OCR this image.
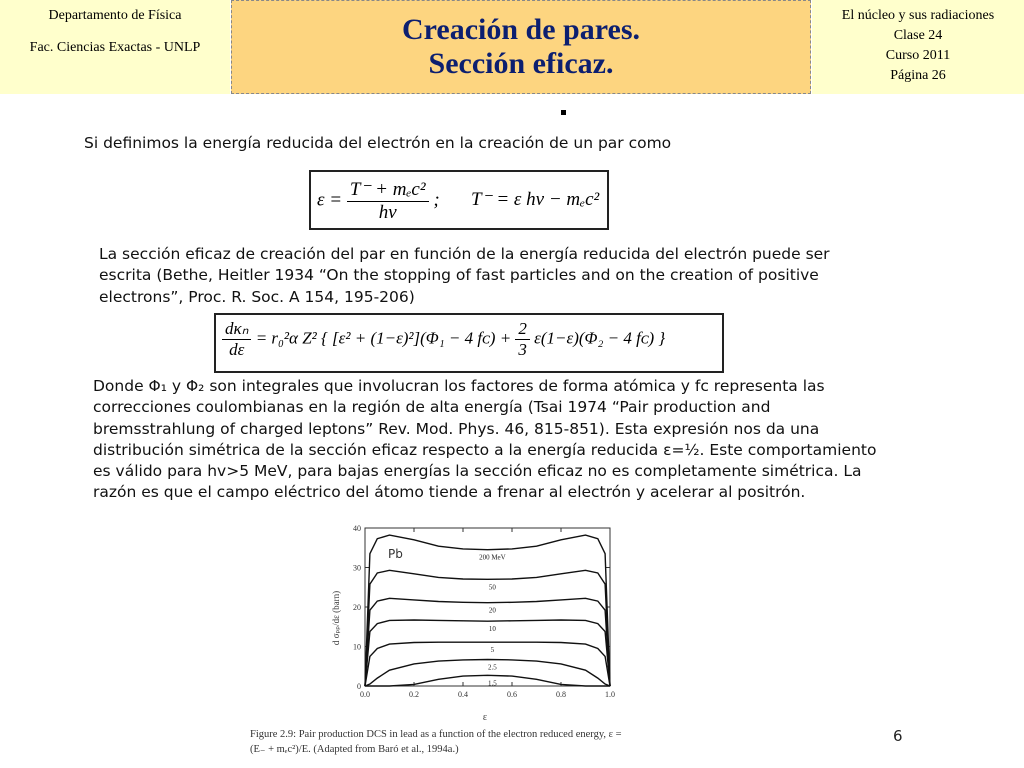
Departamento de Física
Fac. Ciencias Exactas - UNLP
Creación de pares.
Sección eficaz.
El núcleo y sus radiaciones
Clase 24
Curso 2011
Página 26
Si definimos la energía reducida del electrón en la creación de un par como
$\varepsilon = \frac{\text{T⁻ + mₑc²}}{h\nu}$ ; T⁻ = ε hν − mₑc²
La sección eficaz de creación del par en función de la energía reducida del electrón puede ser
escrita (Bethe, Heitler 1934 “On the stopping of fast particles and on the creation of positive
electrons”, Proc. R. Soc. A 154, 195-206)
$\frac{\text{dκₙ}}{d\varepsilon} = r_0^2\alpha$ Z² { [ε² + (1−ε)²](Φ₁ − 4 fᴄ) + $\frac{2}{3} \varepsilon(1-\varepsilon)(\Phi_2 - 4$ fᴄ) }
Donde Φ₁ y Φ₂ son integrales que involucran los factores de forma atómica y fᴄ representa las
correcciones coulombianas en la región de alta energía (Tsai 1974 “Pair production and
bremsstrahlung of charged leptons” Rev. Mod. Phys. 46, 815-851). Esta expresión nos da una
distribución simétrica de la sección eficaz respecto a la energía reducida ε=½. Este comportamiento
es válido para hv>5 MeV, para bajas energías la sección eficaz no es completamente simétrica. La
razón es que el campo eléctrico del átomo tiende a frenar al electrón y acelerar al positrón.
0.0	0.2	0.4	0.6	0.8	1.0
0
10
20
30
40
200 MeV
50
20
10
5
2.5
1.5
Pb
d σₚₚ/dε (barn)
ε
Figure 2.9: Pair production DCS in lead as a function of the electron reduced energy, ε =
(E₋ + mₑc²)/E. (Adapted from Baró et al., 1994a.)
6
